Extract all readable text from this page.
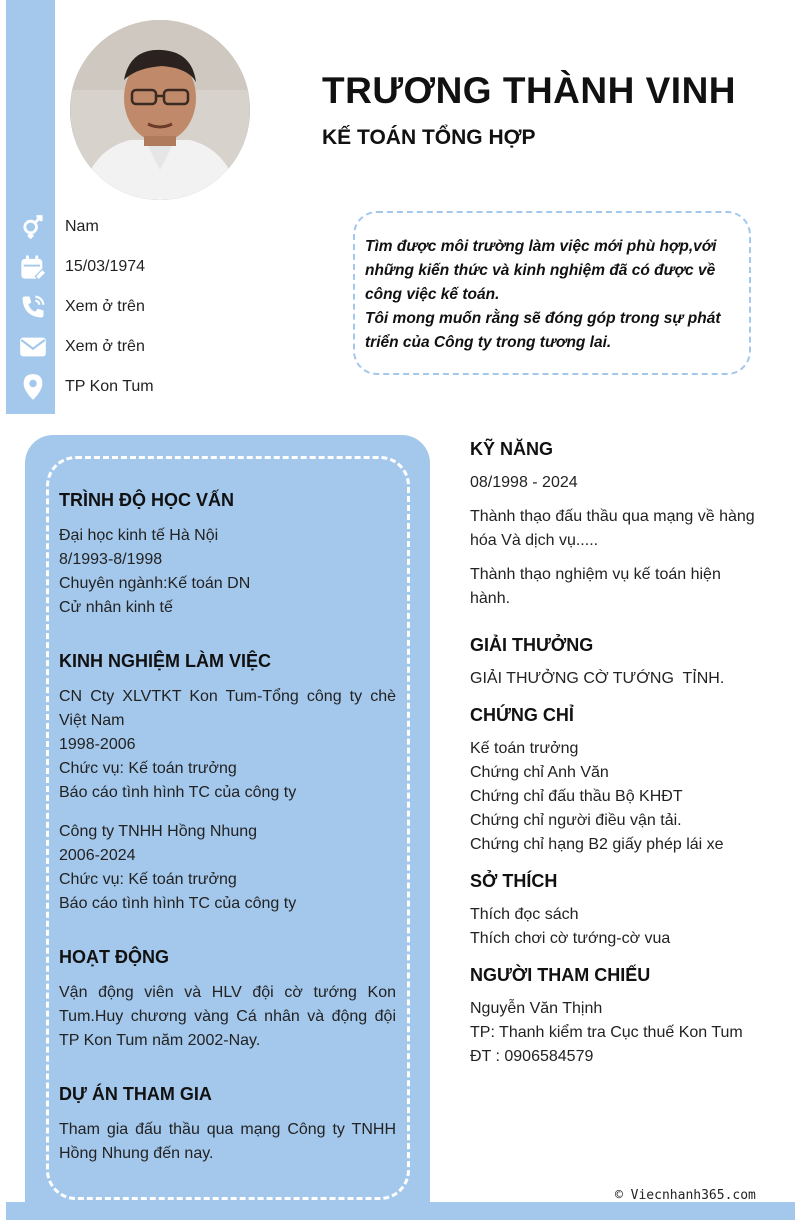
TRƯƠNG THÀNH VINH
KẾ TOÁN TỔNG HỢP
Nam
15/03/1974
Xem ở trên
Xem ở trên
TP Kon Tum
Tìm được môi trường làm việc mới phù hợp,với
những kiến thức và kinh nghiệm đã có được về
công việc kế toán.
Tôi mong muốn rằng sẽ đóng góp trong sự phát
triển của Công ty trong tương lai.
TRÌNH ĐỘ HỌC VẤN
Đại học kinh tế Hà Nội
8/1993-8/1998
Chuyên ngành:Kế toán DN
Cử nhân kinh tế
KINH NGHIỆM LÀM VIỆC
CN Cty XLVTKT Kon Tum-Tổng công ty chè Việt Nam
1998-2006
Chức vụ: Kế toán trưởng
Báo cáo tình hình TC của công ty
Công ty TNHH Hồng Nhung
2006-2024
Chức vụ: Kế toán trưởng
Báo cáo tình hình TC của công ty
HOẠT ĐỘNG
Vận động viên và HLV đội cờ tướng Kon Tum.Huy chương vàng Cá nhân và động đội TP Kon Tum năm 2002-Nay.
DỰ ÁN THAM GIA
Tham gia đấu thầu qua mạng Công ty TNHH Hồng Nhung đến nay.
KỸ NĂNG
08/1998 - 2024
Thành thạo đấu thầu qua mạng về hàng hóa Và dịch vụ.....
Thành thạo nghiệm vụ kế toán hiện hành.
GIẢI THƯỞNG
GIẢI THƯỞNG CỜ TƯỚNG  TỈNH.
CHỨNG CHỈ
Kế toán trưởng
Chứng chỉ Anh Văn
Chứng chỉ đấu thầu Bộ KHĐT
Chứng chỉ người điều vận tải.
Chứng chỉ hạng B2 giấy phép lái xe
SỞ THÍCH
Thích đọc sách
Thích chơi cờ tướng-cờ vua
NGƯỜI THAM CHIẾU
Nguyễn Văn Thịnh
TP: Thanh kiểm tra Cục thuế Kon Tum
ĐT : 0906584579
© Viecnhanh365.com
